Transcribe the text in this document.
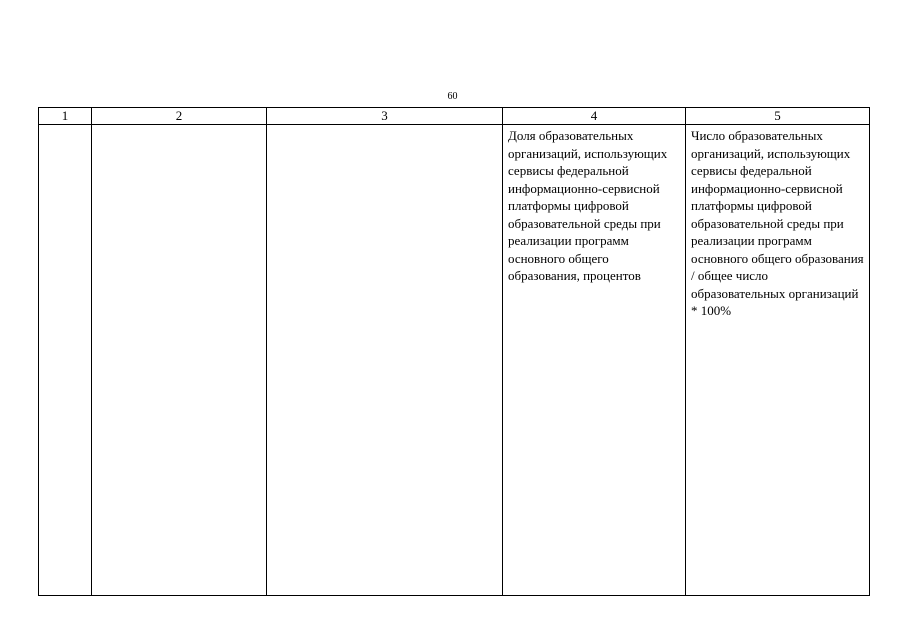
60
1	2	3	4	5
			Доля образовательных организаций, использующих сервисы федеральной информационно-сервисной платформы цифровой образовательной среды при реализации программ основного общего образования, процентов	Число образовательных организаций, использующих сервисы федеральной информационно-сервисной платформы цифровой образовательной среды при реализации программ основного общего образования / общее число образовательных организаций * 100%
